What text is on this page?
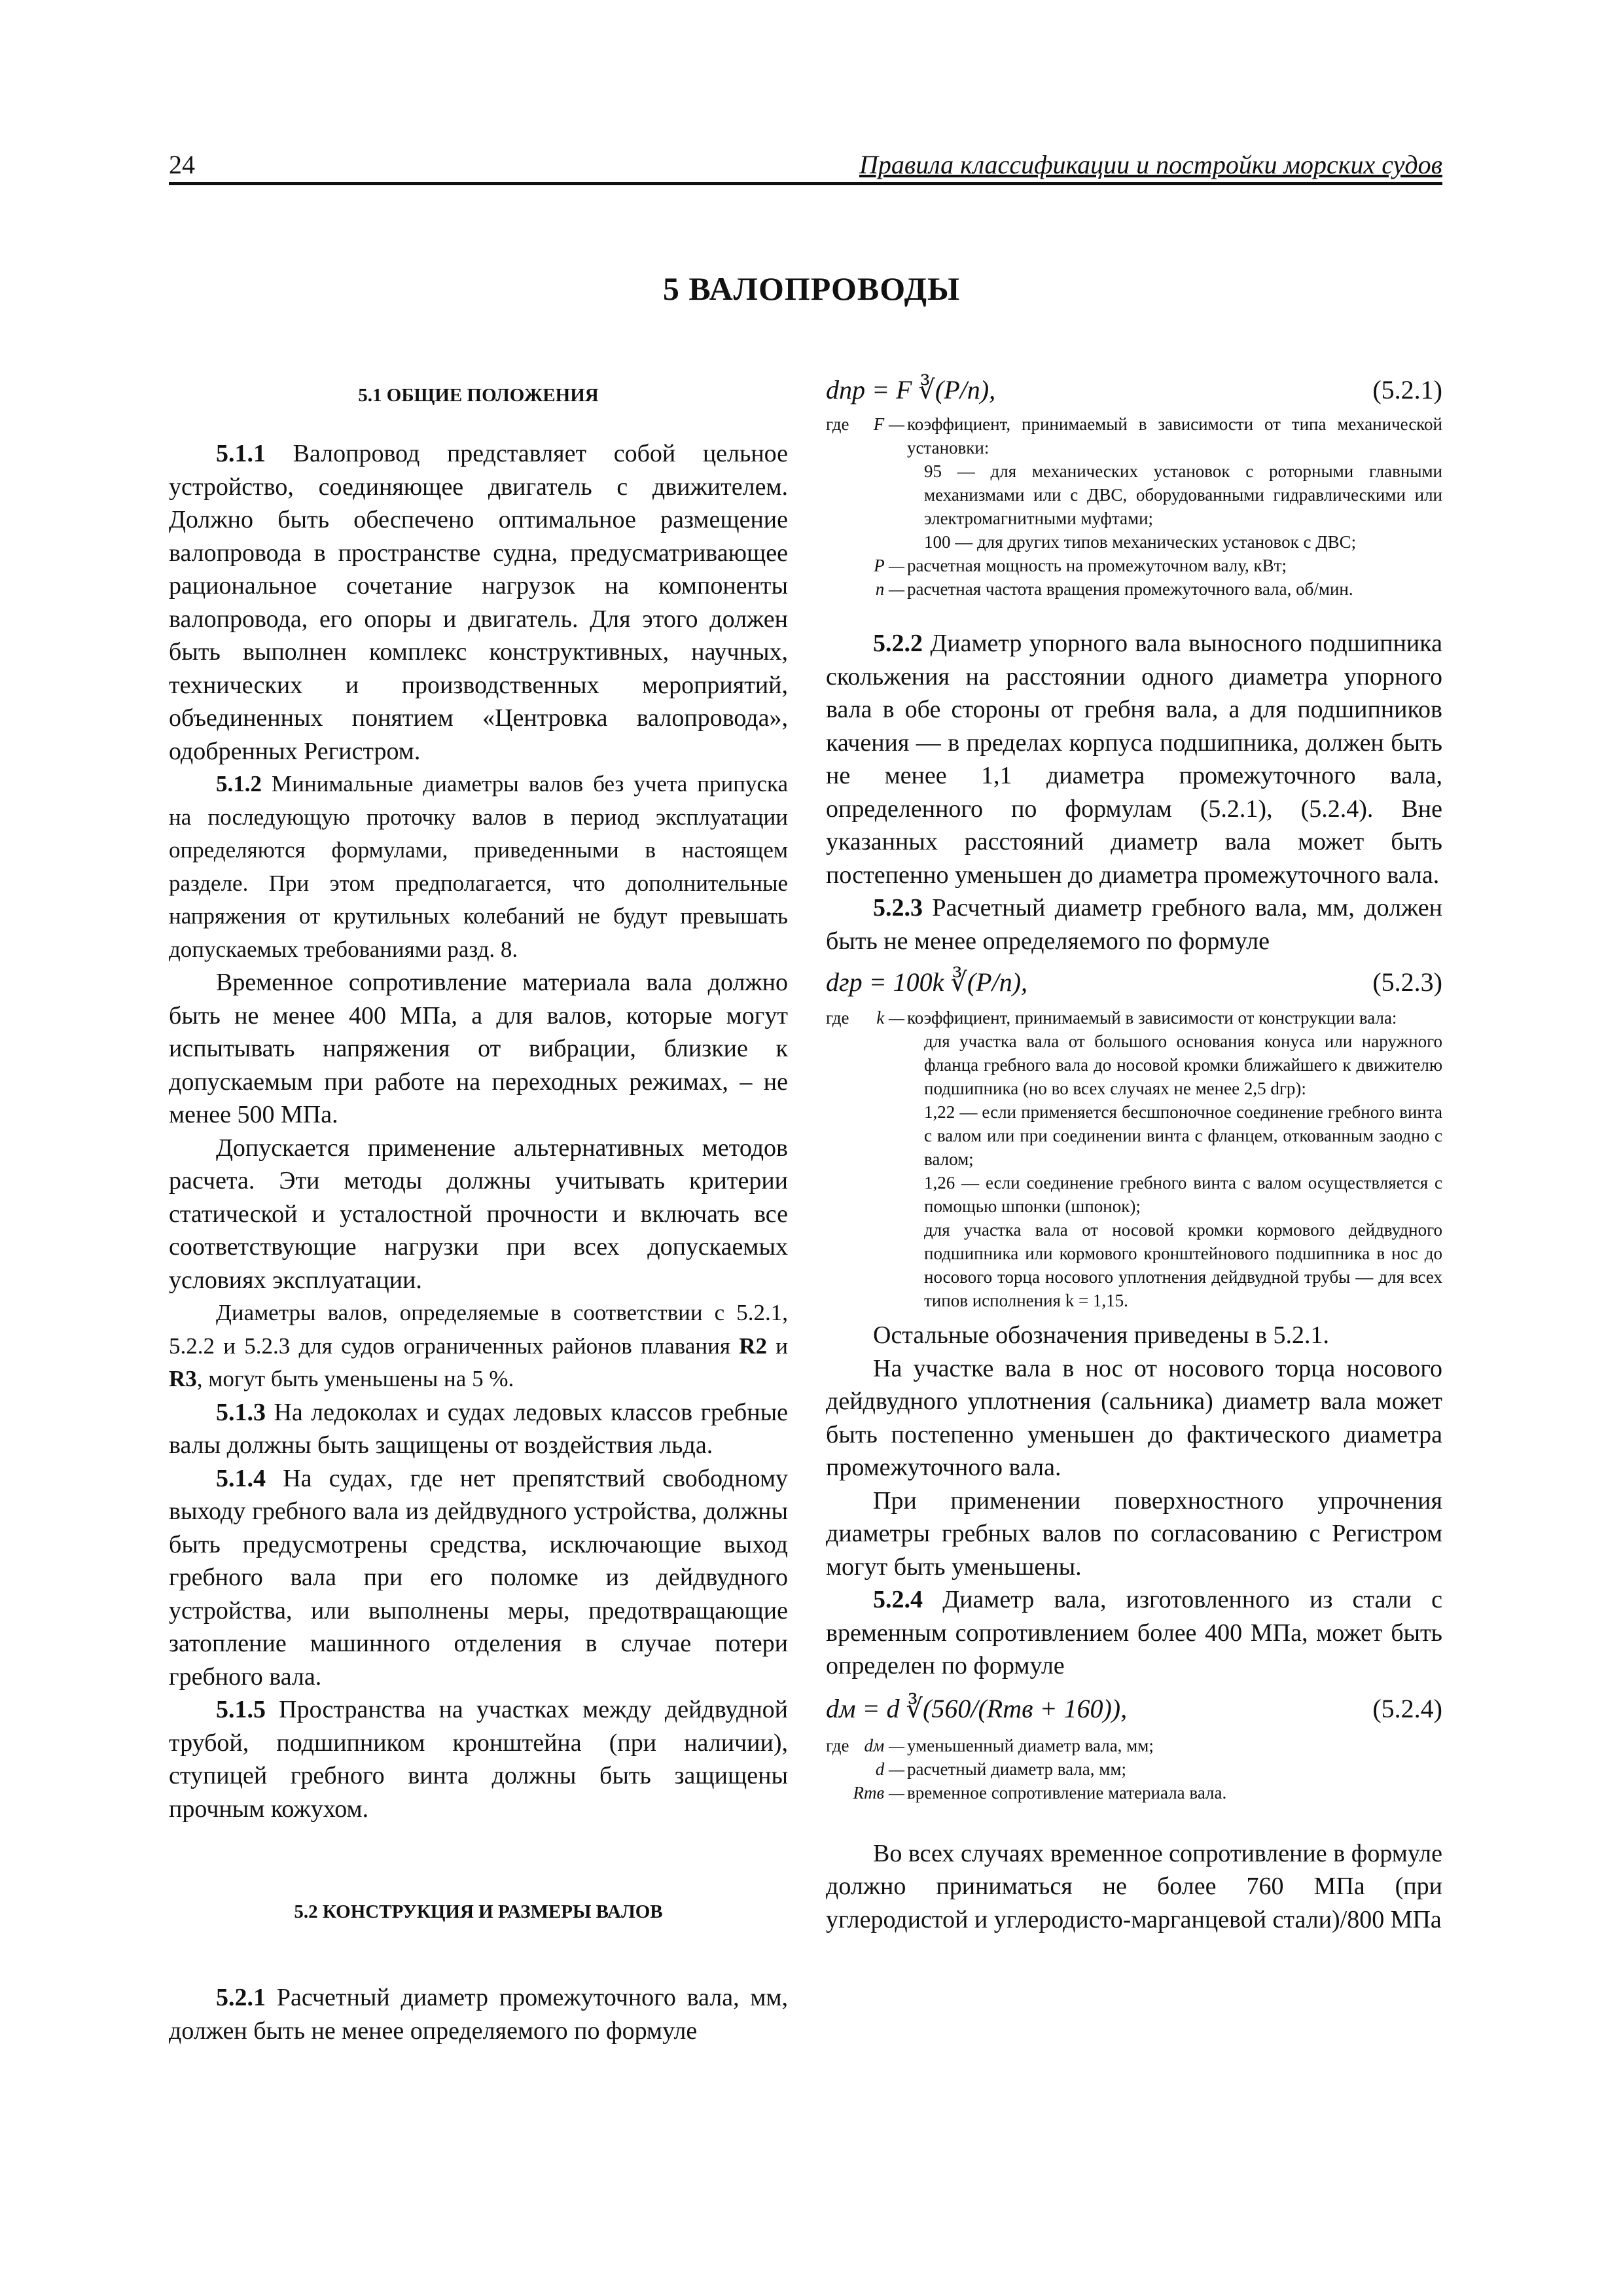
24	Правила классификации и постройки морских судов
5 ВАЛОПРОВОДЫ
5.1 ОБЩИЕ ПОЛОЖЕНИЯ

5.1.1 Валопровод представляет собой цельное устройство, соединяющее двигатель с движителем. Должно быть обеспечено оптимальное размещение валопровода в пространстве судна, предусматривающее рациональное сочетание нагрузок на компоненты валопровода, его опоры и двигатель. Для этого должен быть выполнен комплекс конструктивных, научных, технических и производственных мероприятий, объединенных понятием «Центровка валопровода», одобренных Регистром.

5.1.2 Минимальные диаметры валов без учета припуска на последующую проточку валов в период эксплуатации определяются формулами, приведенными в настоящем разделе. При этом предполагается, что дополнительные напряжения от крутильных колебаний не будут превышать допускаемых требованиями разд. 8.

Временное сопротивление материала вала должно быть не менее 400 МПа, а для валов, которые могут испытывать напряжения от вибрации, близкие к допускаемым при работе на переходных режимах, – не менее 500 МПа.

Допускается применение альтернативных методов расчета. Эти методы должны учитывать критерии статической и усталостной прочности и включать все соответствующие нагрузки при всех допускаемых условиях эксплуатации.

Диаметры валов, определяемые в соответствии с 5.2.1, 5.2.2 и 5.2.3 для судов ограниченных районов плавания R2 и R3, могут быть уменьшены на 5 %.

5.1.3 На ледоколах и судах ледовых классов гребные валы должны быть защищены от воздействия льда.

5.1.4 На судах, где нет препятствий свободному выходу гребного вала из дейдвудного устройства, должны быть предусмотрены средства, исключающие выход гребного вала при его поломке из дейдвудного устройства, или выполнены меры, предотвращающие затопление машинного отделения в случае потери гребного вала.

5.1.5 Пространства на участках между дейдвудной трубой, подшипником кронштейна (при наличии), ступицей гребного винта должны быть защищены прочным кожухом.

5.2 КОНСТРУКЦИЯ И РАЗМЕРЫ ВАЛОВ

5.2.1 Расчетный диаметр промежуточного вала, мм, должен быть не менее определяемого по формуле

dпр = F ∛(P/n),	(5.2.1)
где	F — коэффициент, принимаемый в зависимости от типа механической установки:
95 — для механических установок с роторными главными механизмами или с ДВС, оборудованными гидравлическими или электромагнитными муфтами;
100 — для других типов механических установок с ДВС;
P — расчетная мощность на промежуточном валу, кВт;
n — расчетная частота вращения промежуточного вала, об/мин.

5.2.2 Диаметр упорного вала выносного подшипника скольжения на расстоянии одного диаметра упорного вала в обе стороны от гребня вала, а для подшипников качения — в пределах корпуса подшипника, должен быть не менее 1,1 диаметра промежуточного вала, определенного по формулам (5.2.1), (5.2.4). Вне указанных расстояний диаметр вала может быть постепенно уменьшен до диаметра промежуточного вала.

5.2.3 Расчетный диаметр гребного вала, мм, должен быть не менее определяемого по формуле

dгр = 100k ∛(P/n),	(5.2.3)
где	k — коэффициент, принимаемый в зависимости от конструкции вала:
для участка вала от большого основания конуса или наружного фланца гребного вала до носовой кромки ближайшего к движителю подшипника (но во всех случаях не менее 2,5 dгр):
1,22 — если применяется бесшпоночное соединение гребного винта с валом или при соединении винта с фланцем, откованным заодно с валом;
1,26 — если соединение гребного винта с валом осуществляется с помощью шпонки (шпонок);
для участка вала от носовой кромки кормового дейдвудного подшипника или кормового кронштейнового подшипника в нос до носового торца носового уплотнения дейдвудной трубы — для всех типов исполнения k = 1,15.

Остальные обозначения приведены в 5.2.1.

На участке вала в нос от носового торца носового дейдвудного уплотнения (сальника) диаметр вала может быть постепенно уменьшен до фактического диаметра промежуточного вала.

При применении поверхностного упрочнения диаметры гребных валов по согласованию с Регистром могут быть уменьшены.

5.2.4 Диаметр вала, изготовленного из стали с временным сопротивлением более 400 МПа, может быть определен по формуле

dм = d ∛(560/(Rmв + 160)),	(5.2.4)
где dм — уменьшенный диаметр вала, мм;
d — расчетный диаметр вала, мм;
Rmв — временное сопротивление материала вала.

Во всех случаях временное сопротивление в формуле должно приниматься не более 760 МПа (при углеродистой и углеродисто-марганцевой стали)/800 МПа
